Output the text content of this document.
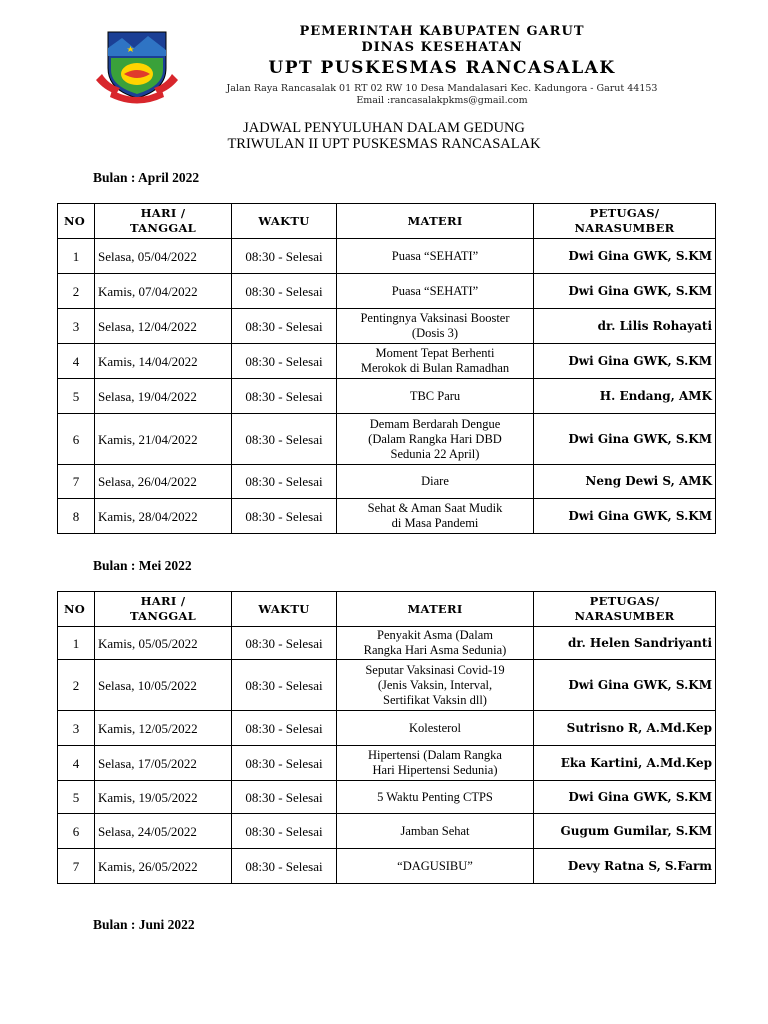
PEMERINTAH KABUPATEN GARUT
DINAS KESEHATAN
UPT PUSKESMAS RANCASALAK
Jalan Raya Rancasalak 01 RT 02 RW 10 Desa Mandalasari Kec. Kadungora - Garut 44153 Email :rancasalakpkms@gmail.com
JADWAL PENYULUHAN DALAM GEDUNG
TRIWULAN II UPT PUSKESMAS RANCASALAK
Bulan : April 2022
NO	HARI /
TANGGAL	WAKTU	MATERI	PETUGAS/
NARASUMBER
1	Selasa, 05/04/2022	08:30 - Selesai	Puasa “SEHATI”	Dwi Gina GWK, S.KM
2	Kamis, 07/04/2022	08:30 - Selesai	Puasa “SEHATI”	Dwi Gina GWK, S.KM
3	Selasa, 12/04/2022	08:30 - Selesai	Pentingnya Vaksinasi Booster
(Dosis 3)	dr. Lilis Rohayati
4	Kamis, 14/04/2022	08:30 - Selesai	Moment Tepat Berhenti
Merokok di Bulan Ramadhan	Dwi Gina GWK, S.KM
5	Selasa, 19/04/2022	08:30 - Selesai	TBC Paru	H. Endang, AMK
6	Kamis, 21/04/2022	08:30 - Selesai	Demam Berdarah Dengue
(Dalam Rangka Hari DBD
Sedunia 22 April)	Dwi Gina GWK, S.KM
7	Selasa, 26/04/2022	08:30 - Selesai	Diare	Neng Dewi S, AMK
8	Kamis, 28/04/2022	08:30 - Selesai	Sehat & Aman Saat Mudik
di Masa Pandemi	Dwi Gina GWK, S.KM
Bulan : Mei 2022
NO	HARI /
TANGGAL	WAKTU	MATERI	PETUGAS/
NARASUMBER
1	Kamis, 05/05/2022	08:30 - Selesai	Penyakit Asma (Dalam
Rangka Hari Asma Sedunia)	dr. Helen Sandriyanti
2	Selasa, 10/05/2022	08:30 - Selesai	Seputar Vaksinasi Covid-19
(Jenis Vaksin, Interval,
Sertifikat Vaksin dll)	Dwi Gina GWK, S.KM
3	Kamis, 12/05/2022	08:30 - Selesai	Kolesterol	Sutrisno R, A.Md.Kep
4	Selasa, 17/05/2022	08:30 - Selesai	Hipertensi (Dalam Rangka
Hari Hipertensi Sedunia)	Eka Kartini, A.Md.Kep
5	Kamis, 19/05/2022	08:30 - Selesai	5 Waktu Penting CTPS	Dwi Gina GWK, S.KM
6	Selasa, 24/05/2022	08:30 - Selesai	Jamban Sehat	Gugum Gumilar, S.KM
7	Kamis, 26/05/2022	08:30 - Selesai	“DAGUSIBU”	Devy Ratna S, S.Farm
Bulan : Juni 2022
